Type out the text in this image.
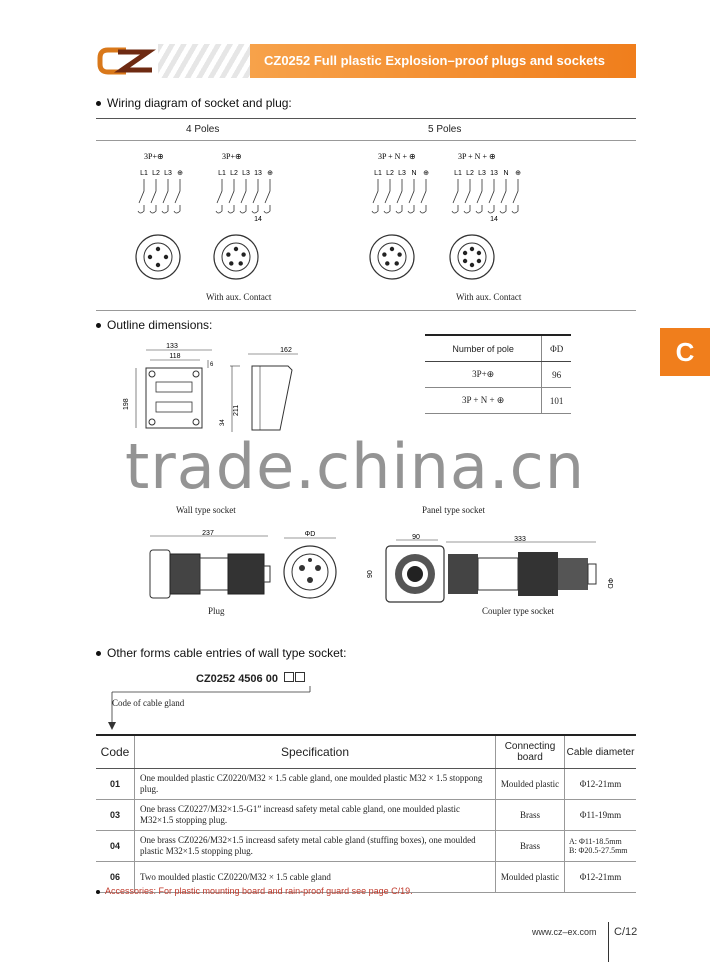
CZ0252 Full plastic Explosion–proof plugs and sockets
C
Wiring diagram of socket and plug:
4 Poles	5 Poles
3P+⊕
L1 L2 L3 ⊕
3P+⊕
L1 L2 L3 13 ⊕
14
3P + N + ⊕
L1 L2 L3 N ⊕
3P + N + ⊕
L1 L2 L3 13 N ⊕
14
With aux. Contact	With aux. Contact
Outline dimensions:
133
118
6
198
162
211
34
Number of pole	ΦD
3P+⊕	96
3P + N + ⊕	101
trade.china.cn
Wall type socket	Panel type socket
237	ΦD
Plug
90
90
333
ΦD
Coupler type socket
Other forms cable entries of wall type socket:
CZ0252 4506 00
Code of cable gland
Code	Specification	Connecting board	Cable diameter
01	One moulded plastic CZ0220/M32 × 1.5 cable gland, one moulded plastic M32 × 1.5 stoppong plug.	Moulded plastic	Φ12-21mm
03	One brass CZ0227/M32×1.5-G1” increasd safety metal cable gland, one moulded plastic M32×1.5 stopping plug.	Brass	Φ11-19mm
04	One brass CZ0226/M32×1.5 increasd safety metal cable gland (stuffing boxes), one moulded plastic M32×1.5 stopping plug.	Brass	A: Φ11-18.5mm
B: Φ20.5-27.5mm

06	Two moulded plastic CZ0220/M32 × 1.5 cable gland	Moulded plastic	Φ12-21mm
Accessories: For plastic mounting board and rain-proof guard see page C/19.
www.cz–ex.com C/12
